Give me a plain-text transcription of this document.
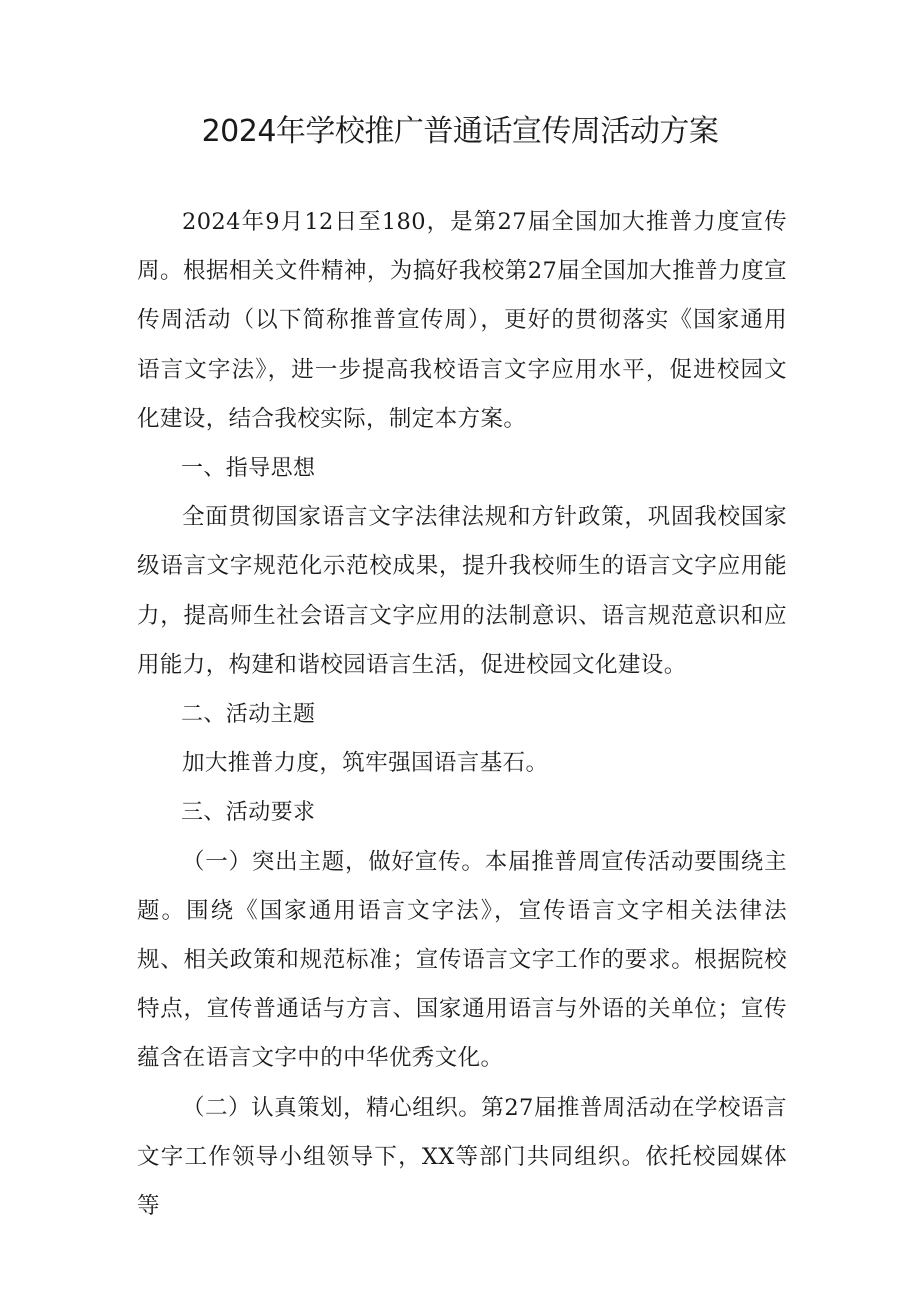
2024年学校推广普通话宣传周活动方案

2024年9月12日至180，是第27届全国加大推普力度宣传周。根据相关文件精神，为搞好我校第27届全国加大推普力度宣传周活动（以下简称推普宣传周），更好的贯彻落实《国家通用语言文字法》，进一步提高我校语言文字应用水平，促进校园文化建设，结合我校实际，制定本方案。

一、指导思想

全面贯彻国家语言文字法律法规和方针政策，巩固我校国家级语言文字规范化示范校成果，提升我校师生的语言文字应用能力，提高师生社会语言文字应用的法制意识、语言规范意识和应用能力，构建和谐校园语言生活，促进校园文化建设。

二、活动主题

加大推普力度，筑牢强国语言基石。

三、活动要求

（一）突出主题，做好宣传。本届推普周宣传活动要围绕主题。围绕《国家通用语言文字法》，宣传语言文字相关法律法规、相关政策和规范标准；宣传语言文字工作的要求。根据院校特点，宣传普通话与方言、国家通用语言与外语的关单位；宣传蕴含在语言文字中的中华优秀文化。

（二）认真策划，精心组织。第27届推普周活动在学校语言文字工作领导小组领导下，XX等部门共同组织。依托校园媒体等
